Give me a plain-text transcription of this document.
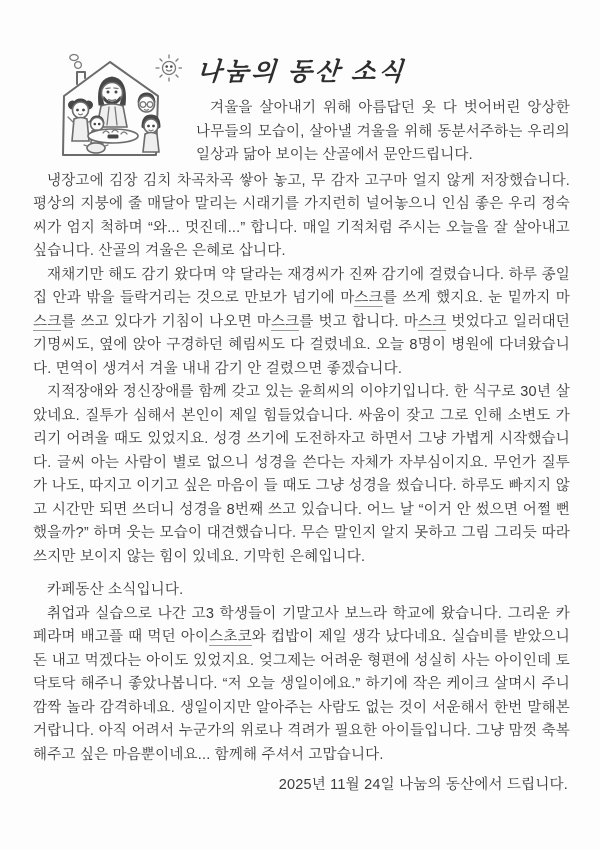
나눔의 동산 소식

겨울을 살아내기 위해 아름답던 옷 다 벗어버린 앙상한 나무들의 모습이, 살아낼 겨울을 위해 동분서주하는 우리의 일상과 닮아 보이는 산골에서 문안드립니다.

냉장고에 김장 김치 차곡차곡 쌓아 놓고, 무 감자 고구마 얼지 않게 저장했습니다. 평상의 지붕에 줄 매달아 말리는 시래기를 가지런히 널어놓으니 인심 좋은 우리 정숙씨가 엄지 척하며 “와... 멋진데...” 합니다. 매일 기적처럼 주시는 오늘을 잘 살아내고 싶습니다. 산골의 겨울은 은혜로 삽니다.

재채기만 해도 감기 왔다며 약 달라는 재경씨가 진짜 감기에 걸렸습니다. 하루 종일 집 안과 밖을 들락거리는 것으로 만보가 넘기에 마스크를 쓰게 했지요. 눈 밑까지 마스크를 쓰고 있다가 기침이 나오면 마스크를 벗고 합니다. 마스크 벗었다고 일러대던 기명씨도, 옆에 앉아 구경하던 혜림씨도 다 걸렸네요. 오늘 8명이 병원에 다녀왔습니다. 면역이 생겨서 겨울 내내 감기 안 걸렸으면 좋겠습니다.

지적장애와 정신장애를 함께 갖고 있는 윤희씨의 이야기입니다. 한 식구로 30년 살았네요. 질투가 심해서 본인이 제일 힘들었습니다. 싸움이 잦고 그로 인해 소변도 가리기 어려울 때도 있었지요. 성경 쓰기에 도전하자고 하면서 그냥 가볍게 시작했습니다. 글씨 아는 사람이 별로 없으니 성경을 쓴다는 자체가 자부심이지요. 무언가 질투가 나도, 따지고 이기고 싶은 마음이 들 때도 그냥 성경을 썼습니다. 하루도 빠지지 않고 시간만 되면 쓰더니 성경을 8번째 쓰고 있습니다. 어느 날 “이거 안 썼으면 어쩔 뻔 했을까?” 하며 웃는 모습이 대견했습니다. 무슨 말인지 알지 못하고 그림 그리듯 따라 쓰지만 보이지 않는 힘이 있네요. 기막힌 은혜입니다.

카페동산 소식입니다.

취업과 실습으로 나간 고3 학생들이 기말고사 보느라 학교에 왔습니다. 그리운 카페라며 배고플 때 먹던 아이스초코와 컵밥이 제일 생각 났다네요. 실습비를 받았으니 돈 내고 먹겠다는 아이도 있었지요. 엊그제는 어려운 형편에 성실히 사는 아이인데 토닥토닥 해주니 좋았나봅니다. “저 오늘 생일이에요.” 하기에 작은 케이크 살며시 주니 깜짝 놀라 감격하네요. 생일이지만 알아주는 사람도 없는 것이 서운해서 한번 말해본 거랍니다. 아직 어려서 누군가의 위로나 격려가 필요한 아이들입니다. 그냥 맘껏 축복해주고 싶은 마음뿐이네요... 함께해 주셔서 고맙습니다.

2025년 11월 24일 나눔의 동산에서 드립니다.
